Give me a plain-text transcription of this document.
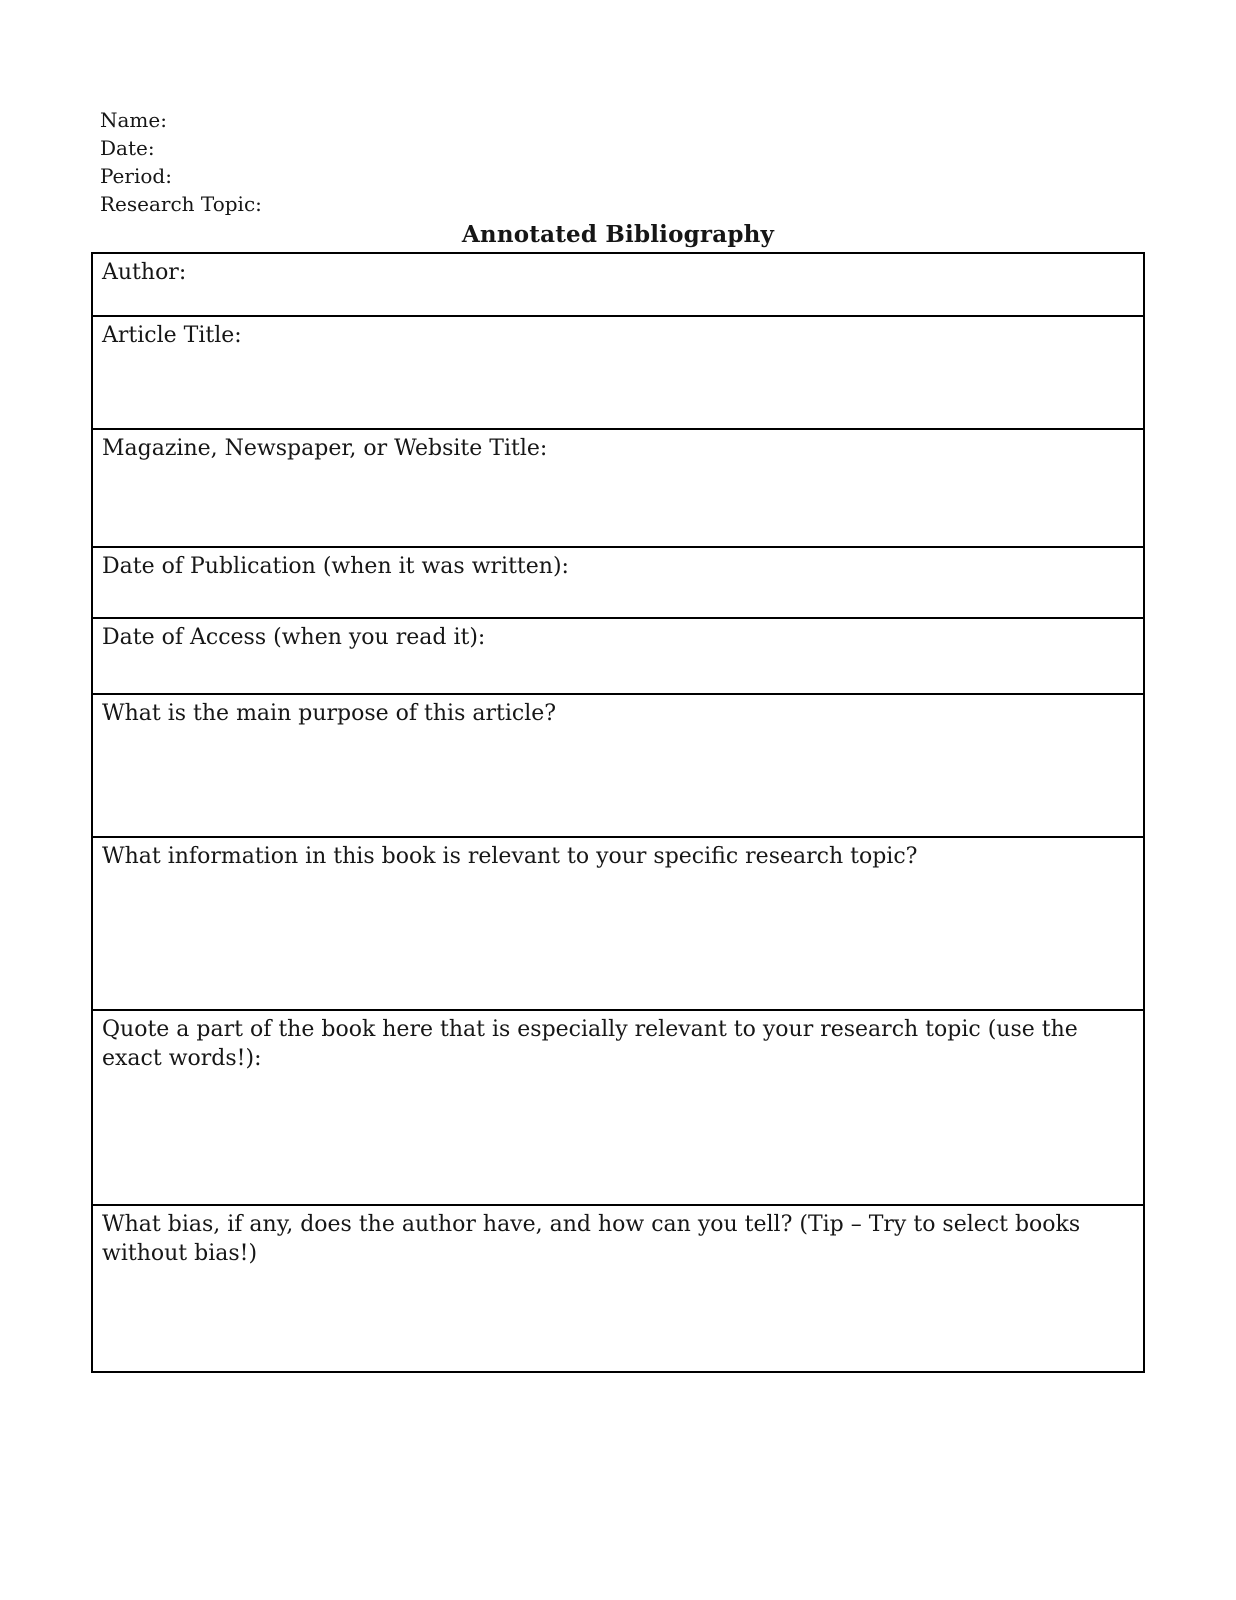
Name:
Date:
Period:
Research Topic:
Annotated Bibliography
Author:
Article Title:
Magazine, Newspaper, or Website Title:
Date of Publication (when it was written):
Date of Access (when you read it):
What is the main purpose of this article?
What information in this book is relevant to your specific research topic?
Quote a part of the book here that is especially relevant to your research topic (use the exact words!):
What bias, if any, does the author have, and how can you tell? (Tip – Try to select books without bias!)
